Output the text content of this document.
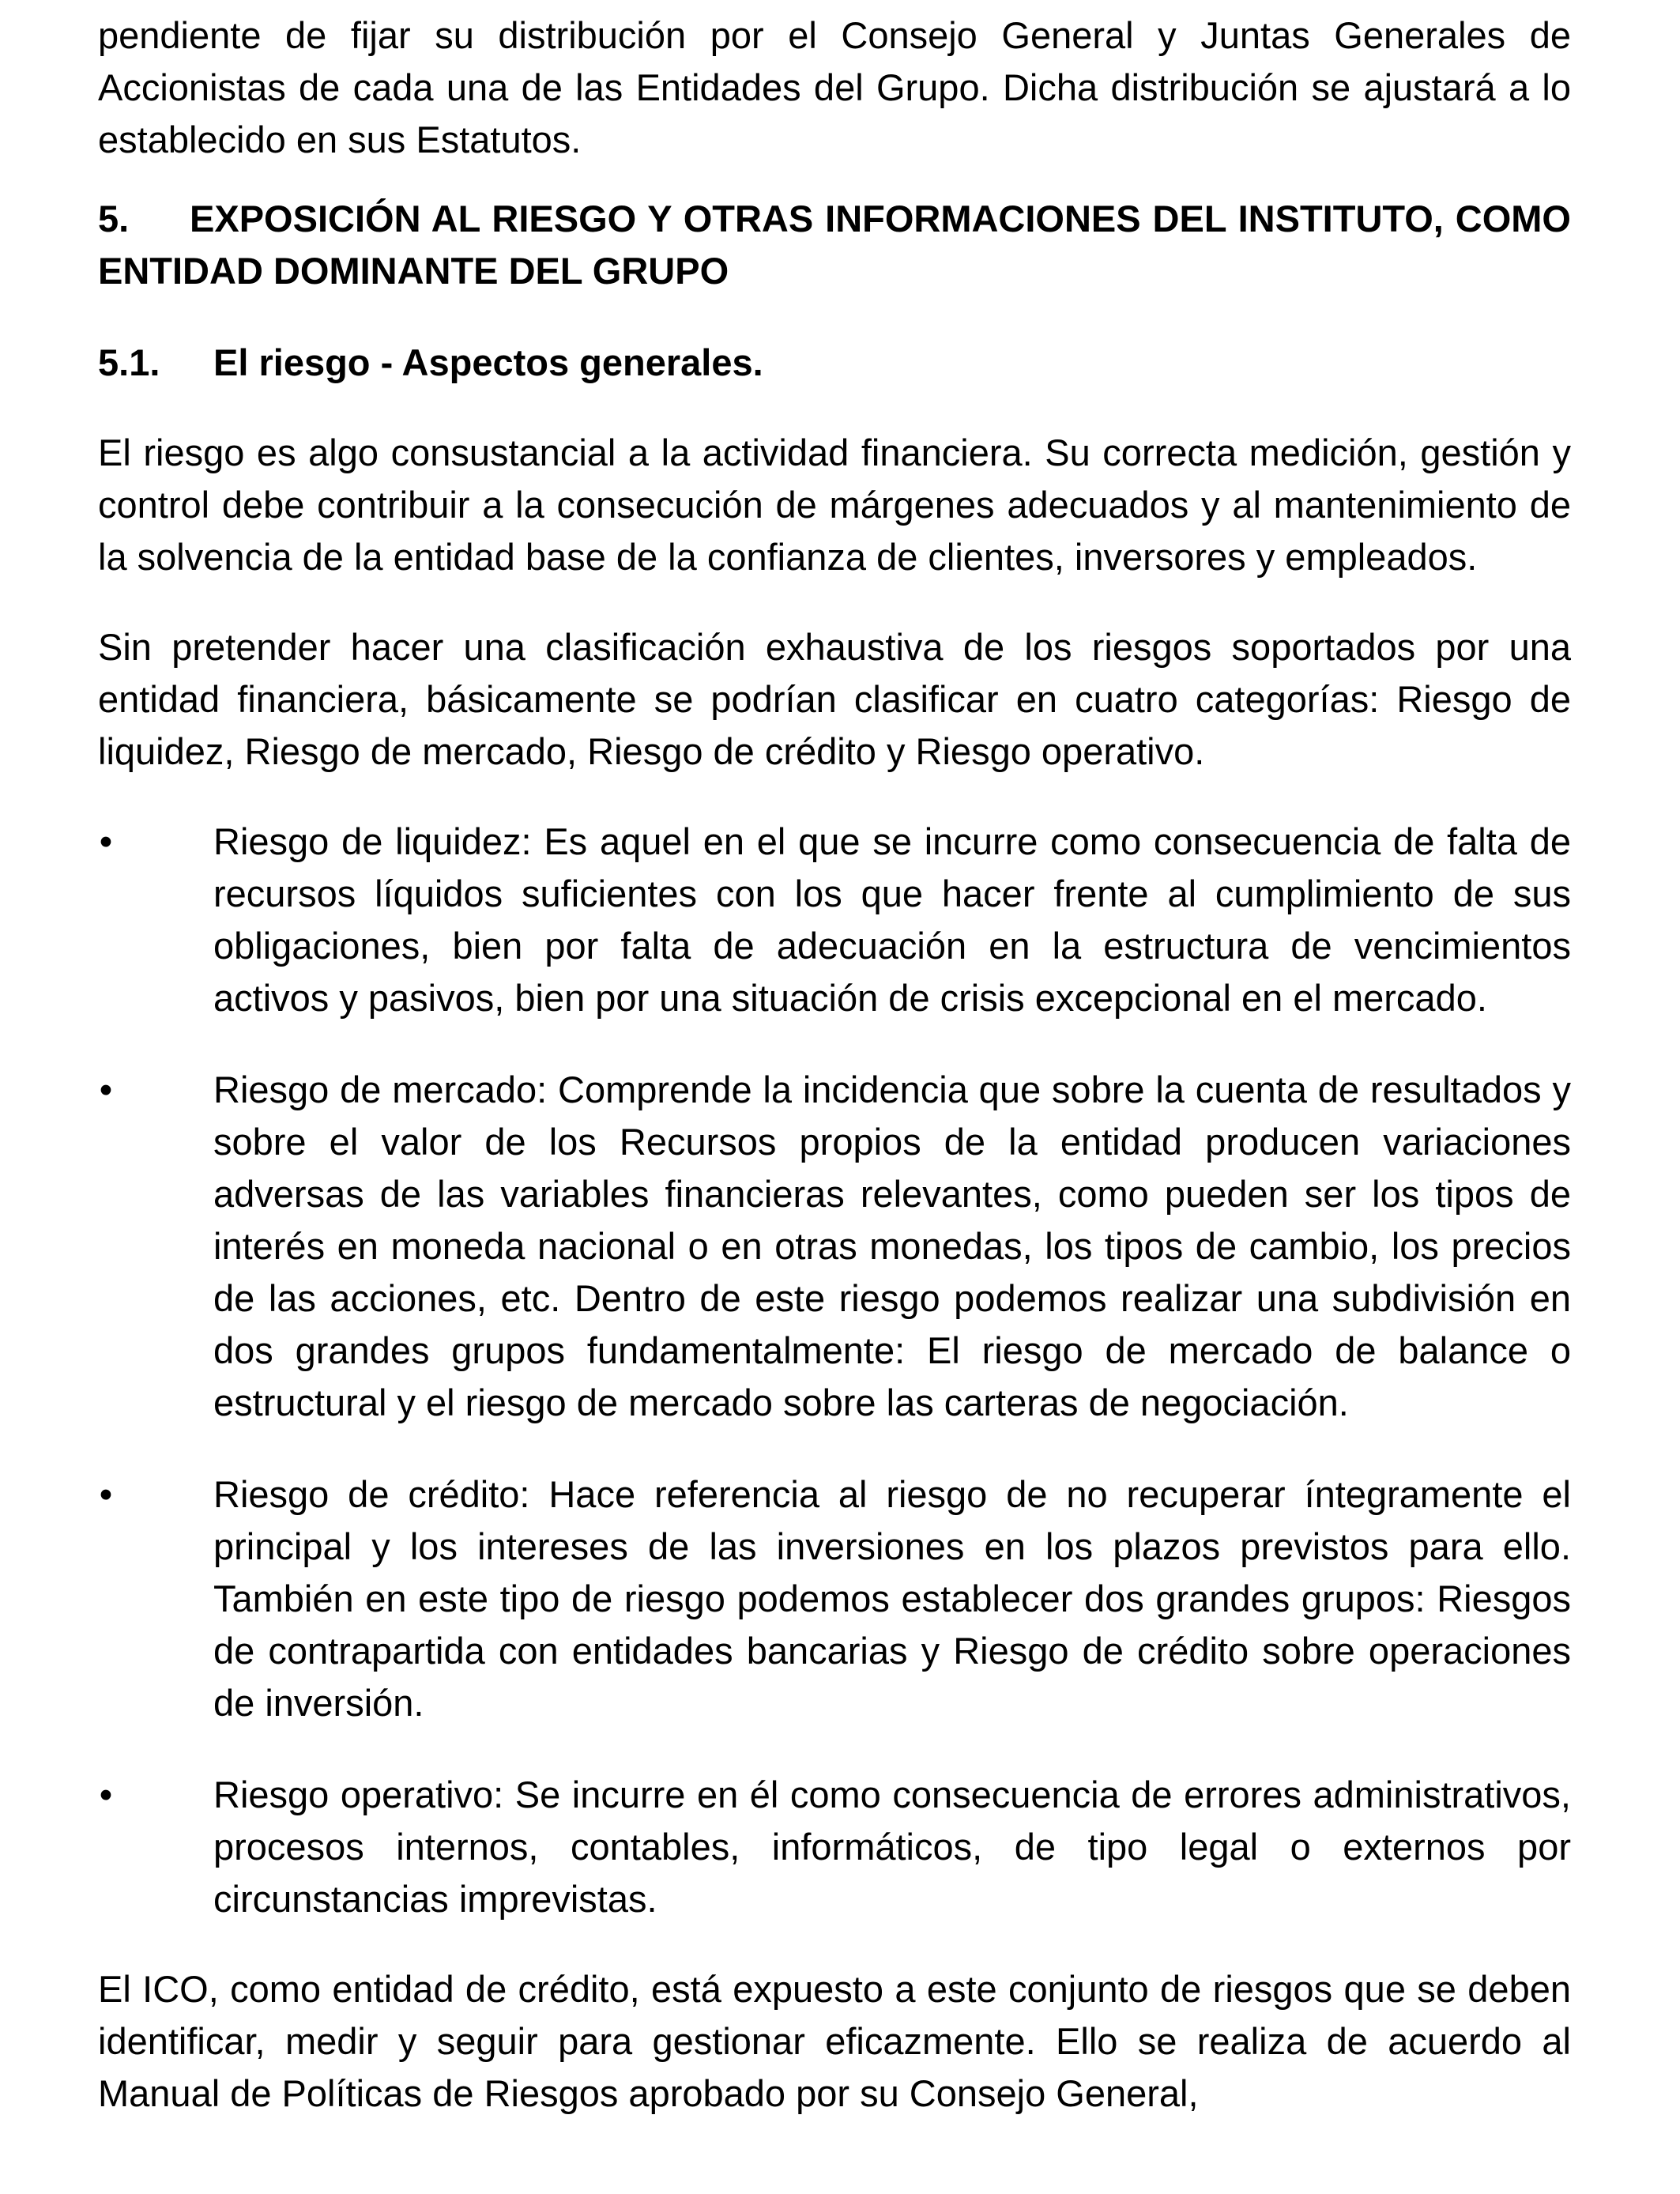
pendiente de fijar su distribución por el Consejo General y Juntas Generales de Accionistas de cada una de las Entidades del Grupo. Dicha distribución se ajustará a lo establecido en sus Estatutos.

5. EXPOSICIÓN AL RIESGO Y OTRAS INFORMACIONES DEL INSTITUTO, COMO ENTIDAD DOMINANTE DEL GRUPO

5.1. El riesgo - Aspectos generales.

El riesgo es algo consustancial a la actividad financiera. Su correcta medición, gestión y control debe contribuir a la consecución de márgenes adecuados y al mantenimiento de la solvencia de la entidad base de la confianza de clientes, inversores y empleados.

Sin pretender hacer una clasificación exhaustiva de los riesgos soportados por una entidad financiera, básicamente se podrían clasificar en cuatro categorías: Riesgo de liquidez, Riesgo de mercado, Riesgo de crédito y Riesgo operativo.

•	Riesgo de liquidez: Es aquel en el que se incurre como consecuencia de falta de recursos líquidos suficientes con los que hacer frente al cumplimiento de sus obligaciones, bien por falta de adecuación en la estructura de vencimientos activos y pasivos, bien por una situación de crisis excepcional en el mercado.
•	Riesgo de mercado: Comprende la incidencia que sobre la cuenta de resultados y sobre el valor de los Recursos propios de la entidad producen variaciones adversas de las variables financieras relevantes, como pueden ser los tipos de interés en moneda nacional o en otras monedas, los tipos de cambio, los precios de las acciones, etc. Dentro de este riesgo podemos realizar una subdivisión en dos grandes grupos fundamentalmente: El riesgo de mercado de balance o estructural y el riesgo de mercado sobre las carteras de negociación.
•	Riesgo de crédito: Hace referencia al riesgo de no recuperar íntegramente el principal y los intereses de las inversiones en los plazos previstos para ello. También en este tipo de riesgo podemos establecer dos grandes grupos: Riesgos de contrapartida con entidades bancarias y Riesgo de crédito sobre operaciones de inversión.
•	Riesgo operativo: Se incurre en él como consecuencia de errores administrativos, procesos internos, contables, informáticos, de tipo legal o externos por circunstancias imprevistas.

El ICO, como entidad de crédito, está expuesto a este conjunto de riesgos que se deben identificar, medir y seguir para gestionar eficazmente. Ello se realiza de acuerdo al Manual de Políticas de Riesgos aprobado por su Consejo General,
